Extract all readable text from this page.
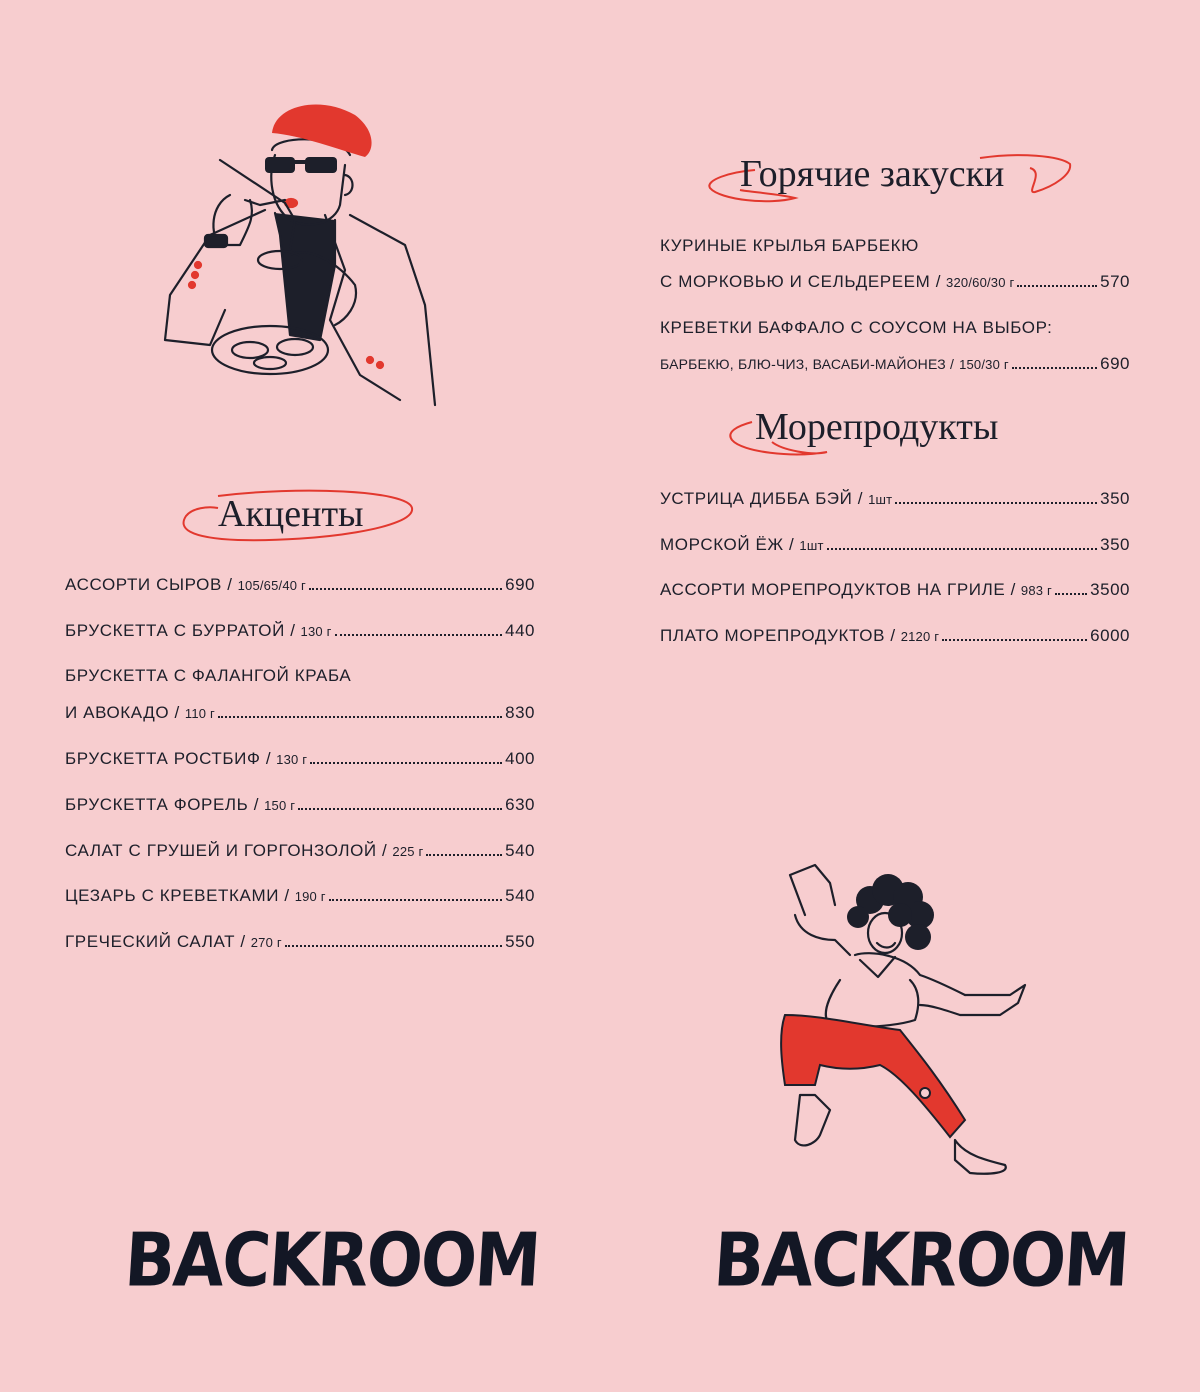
Акценты
АССОРТИ СЫРОВ / 105/65/40 г	690
БРУСКЕТТА С БУРРАТОЙ / 130 г	440
БРУСКЕТТА С ФАЛАНГОЙ КРАБА
И АВОКАДО / 110 г	830
БРУСКЕТТА РОСТБИФ / 130 г	400
БРУСКЕТТА ФОРЕЛЬ / 150 г	630
САЛАТ С ГРУШЕЙ И ГОРГОНЗОЛОЙ / 225 г	540
ЦЕЗАРЬ С КРЕВЕТКАМИ / 190 г	540
ГРЕЧЕСКИЙ САЛАТ / 270 г	550
Горячие закуски
КУРИНЫЕ КРЫЛЬЯ БАРБЕКЮ
С МОРКОВЬЮ И СЕЛЬДЕРЕЕМ / 320/60/30 г	570
КРЕВЕТКИ БАФФАЛО С СОУСОМ НА ВЫБОР:
БАРБЕКЮ, БЛЮ-ЧИЗ, ВАСАБИ-МАЙОНЕЗ / 150/30 г	690
Морепродукты
УСТРИЦА ДИББА БЭЙ / 1шт	350
МОРСКОЙ ЁЖ / 1шт	350
АССОРТИ МОРЕПРОДУКТОВ НА ГРИЛЕ / 983 г 3500
ПЛАТО МОРЕПРОДУКТОВ / 2120 г	6000
BACKROOM	BACKROOM
